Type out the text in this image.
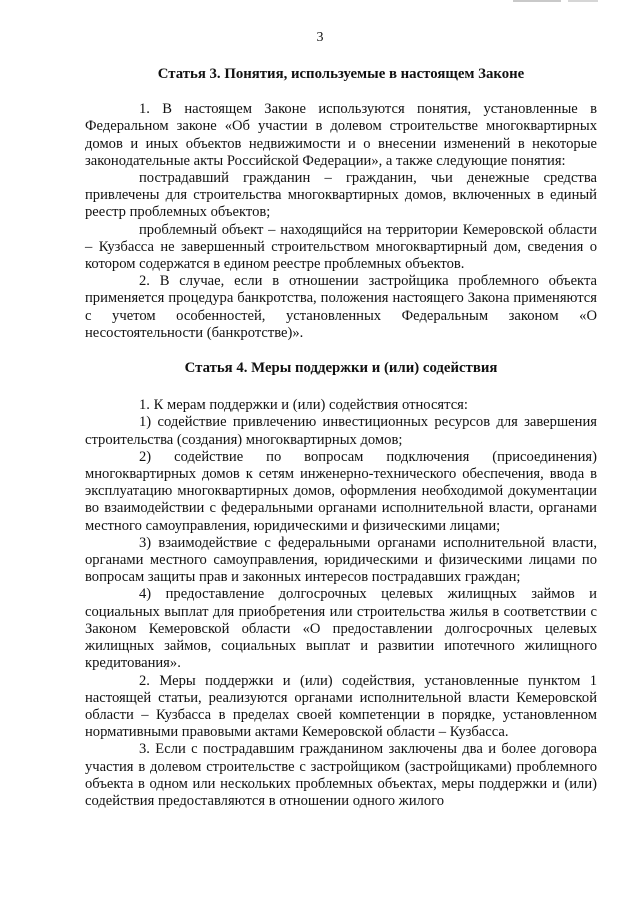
3
Статья 3. Понятия, используемые в настоящем Законе

1. В настоящем Законе используются понятия, установленные в Федеральном законе «Об участии в долевом строительстве многоквартирных домов и иных объектов недвижимости и о внесении изменений в некоторые законодательные акты Российской Федерации», а также следующие понятия:

пострадавший гражданин – гражданин, чьи денежные средства привлечены для строительства многоквартирных домов, включенных в единый реестр проблемных объектов;

проблемный объект – находящийся на территории Кемеровской области – Кузбасса не завершенный строительством многоквартирный дом, сведения о котором содержатся в едином реестре проблемных объектов.

2. В случае, если в отношении застройщика проблемного объекта применяется процедура банкротства, положения настоящего Закона применяются с учетом особенностей, установленных Федеральным законом «О несостоятельности (банкротстве)».

Статья 4. Меры поддержки и (или) содействия

1. К мерам поддержки и (или) содействия относятся:

1) содействие привлечению инвестиционных ресурсов для завершения строительства (создания) многоквартирных домов;

2) содействие по вопросам подключения (присоединения) многоквартирных домов к сетям инженерно-технического обеспечения, ввода в эксплуатацию многоквартирных домов, оформления необходимой документации во взаимодействии с федеральными органами исполнительной власти, органами местного самоуправления, юридическими и физическими лицами;

3) взаимодействие с федеральными органами исполнительной власти, органами местного самоуправления, юридическими и физическими лицами по вопросам защиты прав и законных интересов пострадавших граждан;

4) предоставление долгосрочных целевых жилищных займов и социальных выплат для приобретения или строительства жилья в соответствии с Законом Кемеровской области «О предоставлении долгосрочных целевых жилищных займов, социальных выплат и развитии ипотечного жилищного кредитования».

2. Меры поддержки и (или) содействия, установленные пунктом 1 настоящей статьи, реализуются органами исполнительной власти Кемеровской области – Кузбасса в пределах своей компетенции в порядке, установленном нормативными правовыми актами Кемеровской области – Кузбасса.

3. Если с пострадавшим гражданином заключены два и более договора участия в долевом строительстве с застройщиком (застройщиками) проблемного объекта в одном или нескольких проблемных объектах, меры поддержки и (или) содействия предоставляются в отношении одного жилого
